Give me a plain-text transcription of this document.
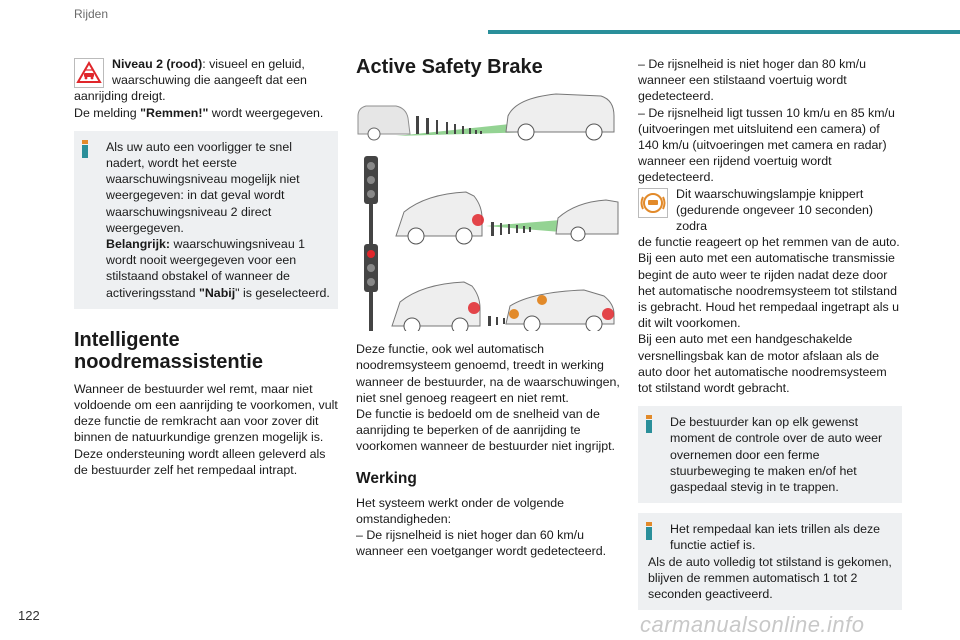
Rijden

Niveau 2 (rood): visueel en geluid, waarschuwing die aangeeft dat een

aanrijding dreigt.

De melding "Remmen!" wordt weergegeven.

Als uw auto een voorligger te snel nadert, wordt het eerste waarschuwingsniveau mogelijk niet weergegeven: in dat geval wordt waarschuwingsniveau 2 direct weergegeven.
Belangrijk: waarschuwingsniveau 1 wordt nooit weergegeven voor een stilstaand obstakel of wanneer de activeringsstand "Nabij" is geselecteerd.

Intelligente
noodremassistentie

Wanneer de bestuurder wel remt, maar niet voldoende om een aanrijding te voorkomen, vult deze functie de remkracht aan voor zover dit binnen de natuurkundige grenzen mogelijk is. Deze ondersteuning wordt alleen geleverd als de bestuurder zelf het rempedaal intrapt.

Active Safety Brake

Deze functie, ook wel automatisch noodremsysteem genoemd, treedt in werking wanneer de bestuurder, na de waarschuwingen, niet snel genoeg reageert en niet remt.

De functie is bedoeld om de snelheid van de aanrijding te beperken of de aanrijding te voorkomen wanneer de bestuurder niet ingrijpt.

Werking

Het systeem werkt onder de volgende omstandigheden:

– De rijsnelheid is niet hoger dan 60 km/u wanneer een voetganger wordt gedetecteerd.

– De rijsnelheid is niet hoger dan 80 km/u wanneer een stilstaand voertuig wordt gedetecteerd.

– De rijsnelheid ligt tussen 10 km/u en 85 km/u (uitvoeringen met uitsluitend een camera) of 140 km/u (uitvoeringen met camera en radar) wanneer een rijdend voertuig wordt gedetecteerd.

Dit waarschuwingslampje knippert (gedurende ongeveer 10 seconden) zodra

de functie reageert op het remmen van de auto.

Bij een auto met een automatische transmissie begint de auto weer te rijden nadat deze door het automatische noodremsysteem tot stilstand is gebracht. Houd het rempedaal ingetrapt als u dit wilt voorkomen.

Bij een auto met een handgeschakelde versnellingsbak kan de motor afslaan als de auto door het automatische noodremsysteem tot stilstand wordt gebracht.

De bestuurder kan op elk gewenst moment de controle over de auto weer overnemen door een ferme stuurbeweging te maken en/of het gaspedaal stevig in te trappen.

Het rempedaal kan iets trillen als deze functie actief is.

Als de auto volledig tot stilstand is gekomen, blijven de remmen automatisch 1 tot 2 seconden geactiveerd.

122	carmanualsonline.info
